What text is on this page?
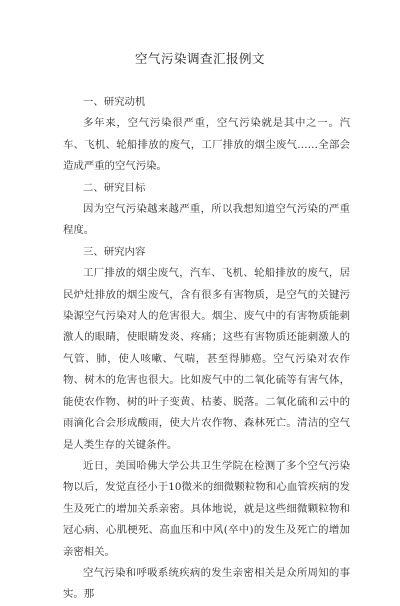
空气污染调查汇报例文

一、研究动机

多年来，空气污染很严重，空气污染就是其中之一。汽车、飞机、轮船排放的废气，工厂排放的烟尘废气……全部会造成严重的空气污染。

二、研究目标

因为空气污染越来越严重，所以我想知道空气污染的严重程度。

三、研究内容

工厂排放的烟尘废气，汽车、飞机、轮船排放的废气，居民炉灶排放的烟尘废气，含有很多有害物质，是空气的关键污染源空气污染对人的危害很大。烟尘、废气中的有害物质能刺激人的眼睛，使眼睛发炎、疼痛；这些有害物质还能刺激人的气管、肺，使人咳嗽、气喘，甚至得肺癌。空气污染对农作物、树木的危害也很大。比如废气中的二氧化硫等有害气体，能使农作物、树的叶子变黄、枯萎、脱落。二氧化硫和云中的雨滴化合会形成酸雨，使大片农作物、森林死亡。清洁的空气是人类生存的关键条件。

近日，美国哈佛大学公共卫生学院在检测了多个空气污染物以后，发觉直径小于10微米的细微颗粒物和心血管疾病的发生及死亡的增加关系亲密。具体地说，就是这些细微颗粒物和冠心病、心肌梗死、高血压和中风(卒中)的发生及死亡的增加亲密相关。

空气污染和呼吸系统疾病的发生亲密相关是众所周知的事实。那
